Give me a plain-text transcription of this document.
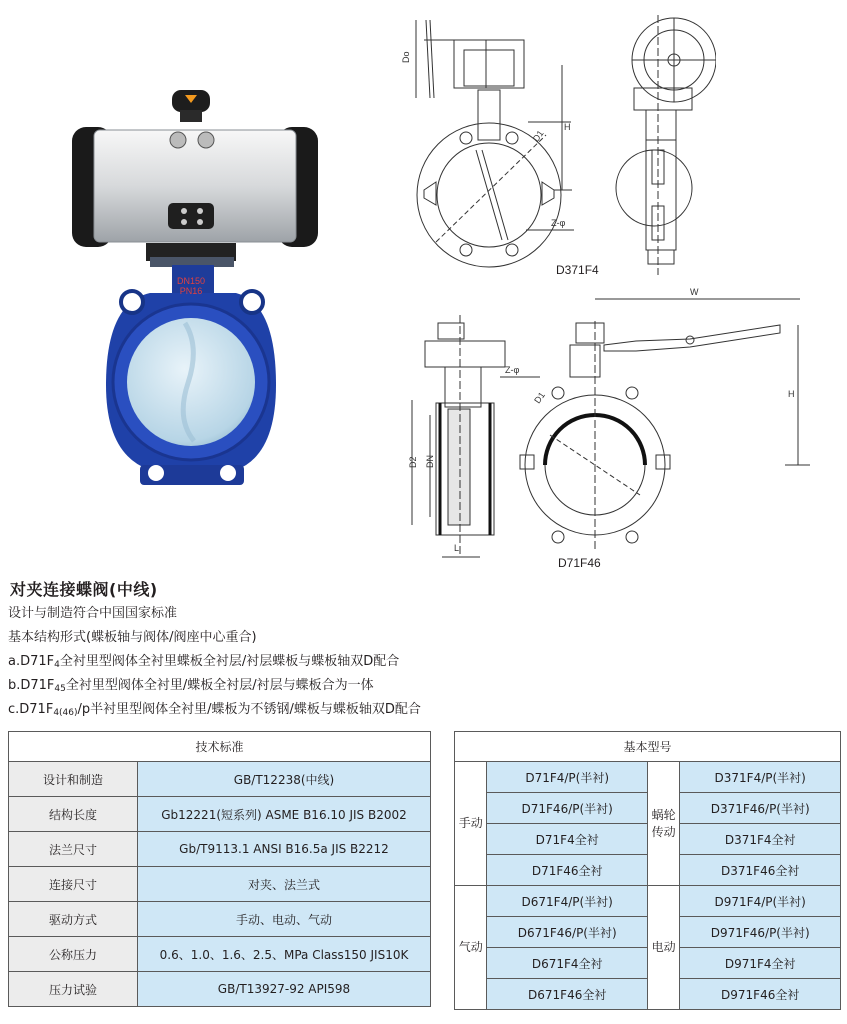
DN150 PN16
Do
H
D1
Z-φ
D371F4
D2 DN
L
W
H
Z-φ
D1
D71F46
对夹连接蝶阀(中线)
设计与制造符合中国国家标准
基本结构形式(蝶板轴与阀体/阀座中心重合)
$a.D71F_4$全衬里型阀体全衬里蝶板全衬层/衬层蝶板与蝶板轴双D配合
$b.D71F_{45}$全衬里型阀体全衬里/蝶板全衬层/衬层与蝶板合为一体
$c.D71F_{4(46)}/p$半衬里型阀体全衬里/蝶板为不锈钢/蝶板与蝶板轴双D配合
技术标准	
设计和制造	GB/T12238(中线)
结构长度	Gb12221(短系列) ASME B16.10 JIS B2002
法兰尺寸	Gb/T9113.1 ANSI B16.5a JIS B2212
连接尺寸	对夹、法兰式
驱动方式	手动、电动、气动
公称压力	0.6、1.0、1.6、2.5、MPa Class150 JIS10K
压力试验	GB/T13927-92 API598
基本型号			
手动	D71F4/P(半衬)	蜗轮传动	D371F4/P(半衬)
	D71F46/P(半衬)		D371F46/P(半衬)
	D71F4全衬		D371F4全衬
	D71F46全衬		D371F46全衬
气动	D671F4/P(半衬)	电动	D971F4/P(半衬)
	D671F46/P(半衬)		D971F46/P(半衬)
	D671F4全衬		D971F4全衬
	D671F46全衬		D971F46全衬
